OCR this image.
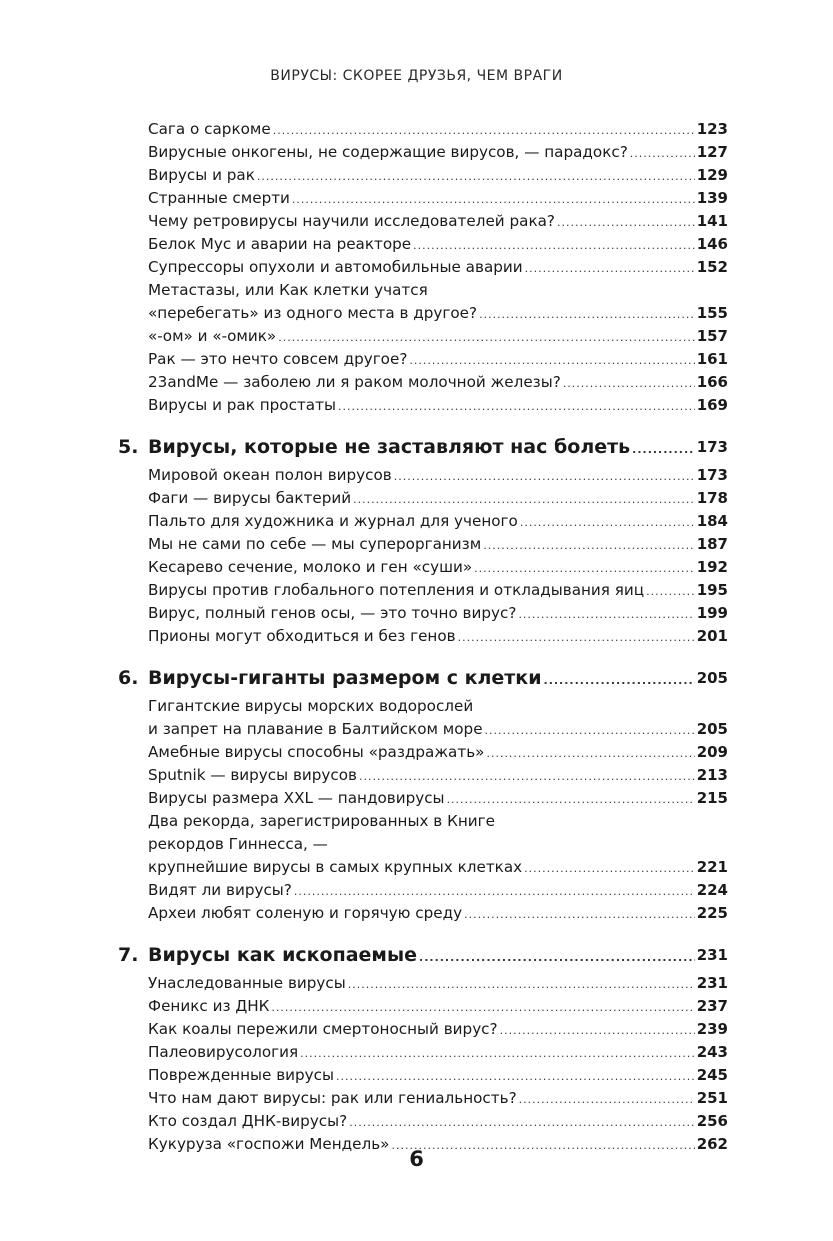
ВИРУСЫ: СКОРЕЕ ДРУЗЬЯ, ЧЕМ ВРАГИ
Сага о саркоме .....	123
Вирусные онкогены, не содержащие вирусов, — парадокс? .....	127
Вирусы и рак .....	129
Странные смерти .....	139
Чему ретровирусы научили исследователей рака? .....	141
Белок Myc и аварии на реакторе .....	146
Супрессоры опухоли и автомобильные аварии .....	152
Метастазы, или Как клетки учатся
«перебегать» из одного места в другое? .....	155
«-ом» и «-омик» .....	157
Рак — это нечто совсем другое? .....	161
23andMe — заболею ли я раком молочной железы? .....	166
Вирусы и рак простаты .....	169
5. Вирусы, которые не заставляют нас болеть .....	173
Мировой океан полон вирусов .....	173
Фаги — вирусы бактерий .....	178
Пальто для художника и журнал для ученого .....	184
Мы не сами по себе — мы суперорганизм .....	187
Кесарево сечение, молоко и ген «суши» .....	192
Вирусы против глобального потепления и откладывания яиц .....	195
Вирус, полный генов осы, — это точно вирус? .....	199
Прионы могут обходиться и без генов .....	201
6. Вирусы-гиганты размером с клетки .....	205
Гигантские вирусы морских водорослей
и запрет на плавание в Балтийском море .....	205
Амебные вирусы способны «раздражать» .....	209
Sputnik — вирусы вирусов .....	213
Вирусы размера XXL — пандовирусы .....	215
Два рекорда, зарегистрированных в Книге рекордов Гиннесса, —
крупнейшие вирусы в самых крупных клетках .....	221
Видят ли вирусы? .....	224
Археи любят соленую и горячую среду .....	225
7. Вирусы как ископаемые .....	231
Унаследованные вирусы .....	231
Феникс из ДНК .....	237
Как коалы пережили смертоносный вирус? .....	239
Палеовирусология .....	243
Поврежденные вирусы .....	245
Что нам дают вирусы: рак или гениальность? .....	251
Кто создал ДНК-вирусы? .....	256
Кукуруза «госпожи Мендель» .....	262
6
